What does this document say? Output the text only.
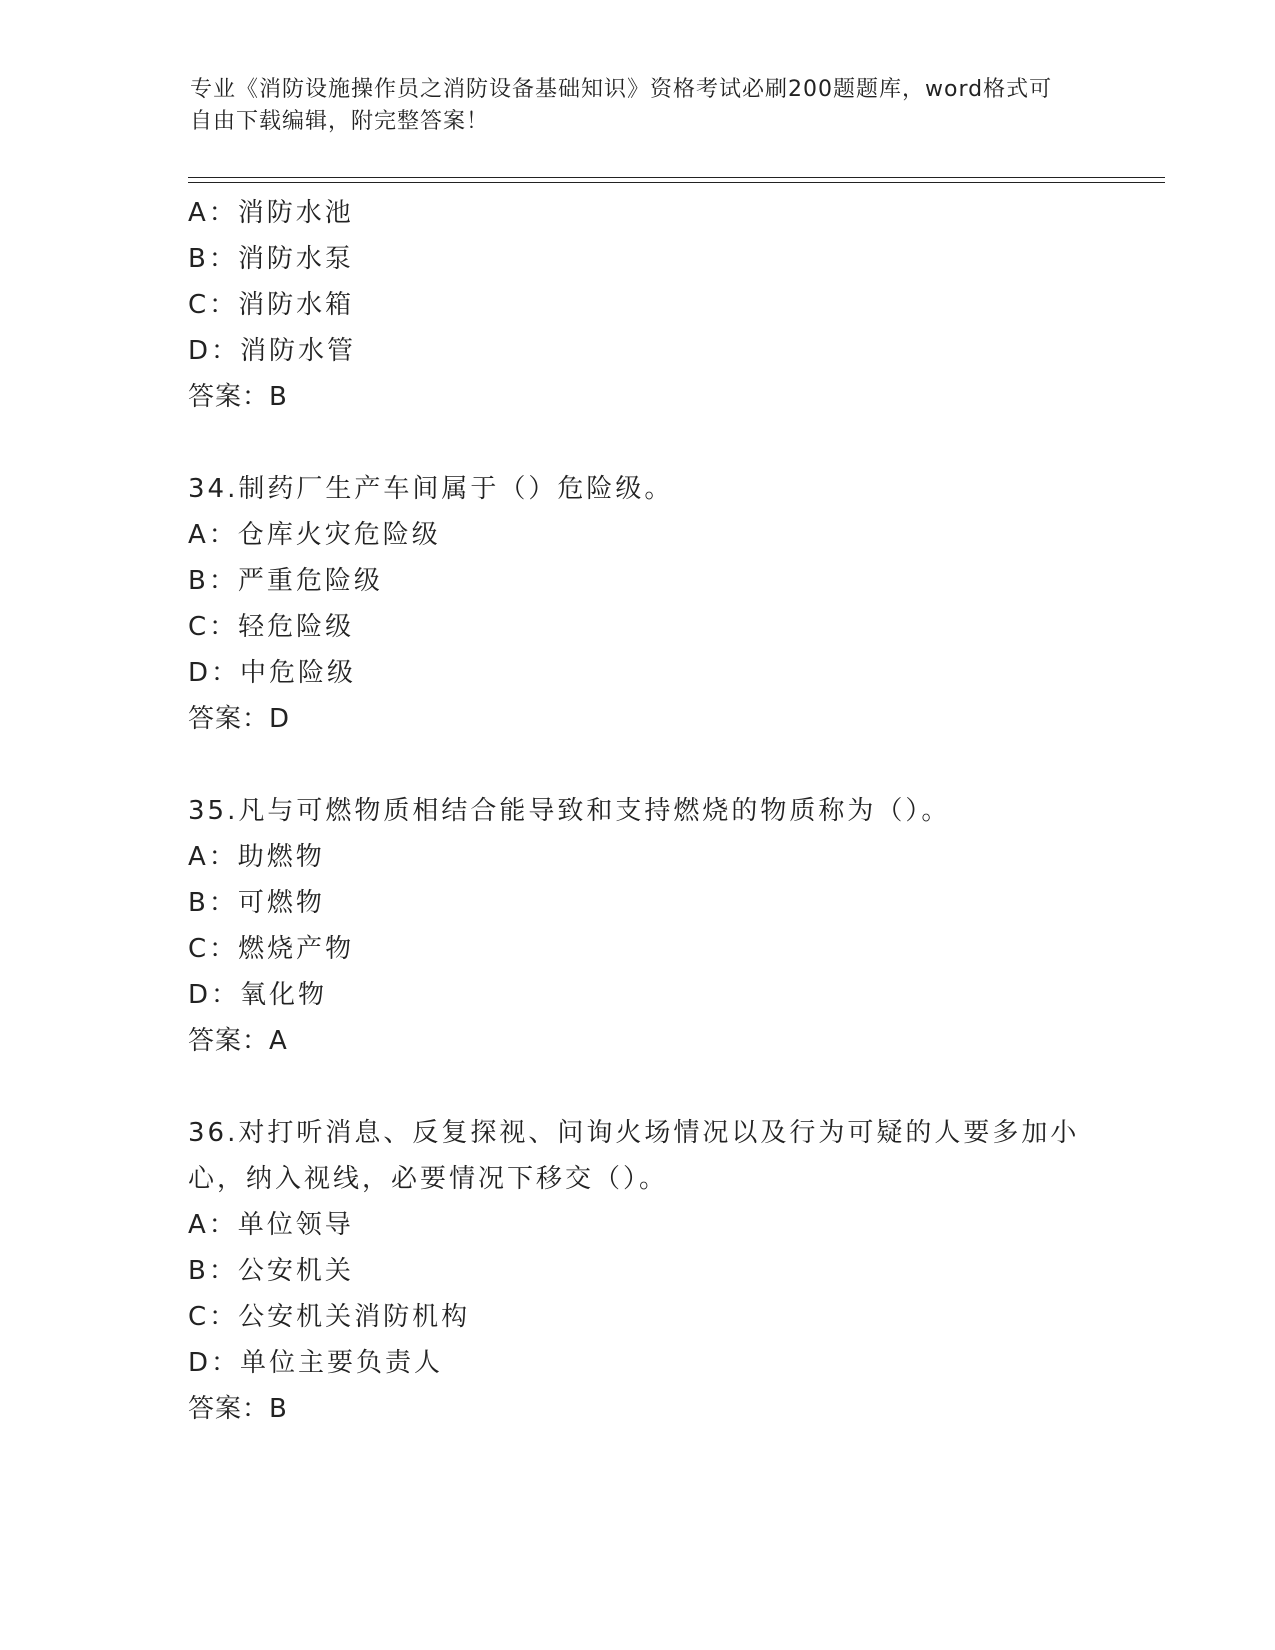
专业《消防设施操作员之消防设备基础知识》资格考试必刷200题题库，word格式可自由下载编辑，附完整答案！
A：消防水池
B：消防水泵
C：消防水箱
D：消防水管
答案：B
34.制药厂生产车间属于（）危险级。
A：仓库火灾危险级
B：严重危险级
C：轻危险级
D：中危险级
答案：D
35.凡与可燃物质相结合能导致和支持燃烧的物质称为（）。
A：助燃物
B：可燃物
C：燃烧产物
D：氧化物
答案：A
36.对打听消息、反复探视、问询火场情况以及行为可疑的人要多加小
心，纳入视线，必要情况下移交（）。
A：单位领导
B：公安机关
C：公安机关消防机构
D：单位主要负责人
答案：B
